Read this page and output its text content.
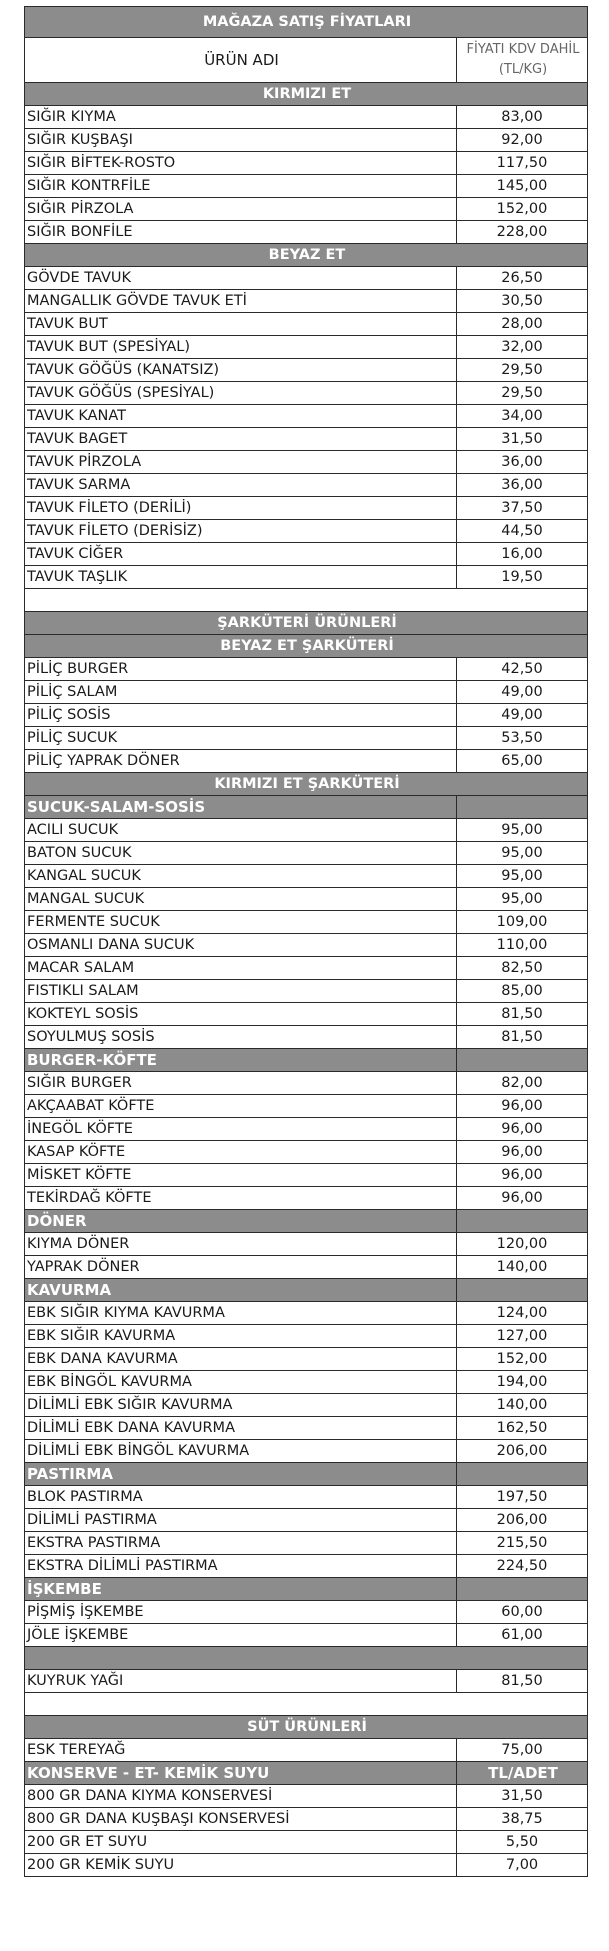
MAĞAZA SATIŞ FİYATLARI	
ÜRÜN ADI	FİYATI KDV DAHİL
(TL/KG)

KIRMIZI ET	
SIĞIR KIYMA	83,00
SIĞIR KUŞBAŞI	92,00
SIĞIR BİFTEK-ROSTO	117,50
SIĞIR KONTRFİLE	145,00
SIĞIR PİRZOLA	152,00
SIĞIR BONFİLE	228,00
BEYAZ ET	
GÖVDE TAVUK	26,50
MANGALLIK GÖVDE TAVUK ETİ	30,50
TAVUK BUT	28,00
TAVUK BUT (SPESİYAL)	32,00
TAVUK GÖĞÜS (KANATSIZ)	29,50
TAVUK GÖĞÜS (SPESİYAL)	29,50
TAVUK KANAT	34,00
TAVUK BAGET	31,50
TAVUK PİRZOLA	36,00
TAVUK SARMA	36,00
TAVUK FİLETO (DERİLİ)	37,50
TAVUK FİLETO (DERİSİZ)	44,50
TAVUK CİĞER	16,00
TAVUK TAŞLIK	19,50

ŞARKÜTERİ ÜRÜNLERİ	
BEYAZ ET ŞARKÜTERİ	
PİLİÇ BURGER	42,50
PİLİÇ SALAM	49,00
PİLİÇ SOSİS	49,00
PİLİÇ SUCUK	53,50
PİLİÇ YAPRAK DÖNER	65,00
KIRMIZI ET ŞARKÜTERİ	
SUCUK-SALAM-SOSİS	
ACILI SUCUK	95,00
BATON SUCUK	95,00
KANGAL SUCUK	95,00
MANGAL SUCUK	95,00
FERMENTE SUCUK	109,00
OSMANLI DANA SUCUK	110,00
MACAR SALAM	82,50
FISTIKLI SALAM	85,00
KOKTEYL SOSİS	81,50
SOYULMUŞ SOSİS	81,50
BURGER-KÖFTE	
SIĞIR BURGER	82,00
AKÇAABAT KÖFTE	96,00
İNEGÖL KÖFTE	96,00
KASAP KÖFTE	96,00
MİSKET KÖFTE	96,00
TEKİRDAĞ KÖFTE	96,00
DÖNER	
KIYMA DÖNER	120,00
YAPRAK DÖNER	140,00
KAVURMA	
EBK SIĞIR KIYMA KAVURMA	124,00
EBK SIĞIR KAVURMA	127,00
EBK DANA KAVURMA	152,00
EBK BİNGÖL KAVURMA	194,00
DİLİMLİ EBK SIĞIR KAVURMA	140,00
DİLİMLİ EBK DANA KAVURMA	162,50
DİLİMLİ EBK BİNGÖL KAVURMA	206,00
PASTIRMA	
BLOK PASTIRMA	197,50
DİLİMLİ PASTIRMA	206,00
EKSTRA PASTIRMA	215,50
EKSTRA DİLİMLİ PASTIRMA	224,50
İŞKEMBE	
PİŞMİŞ İŞKEMBE	60,00
JÖLE İŞKEMBE	61,00

KUYRUK YAĞI	81,50

SÜT ÜRÜNLERİ	
ESK TEREYAĞ	75,00
KONSERVE - ET- KEMİK SUYU	TL/ADET
800 GR DANA KIYMA KONSERVESİ	31,50
800 GR DANA KUŞBAŞI KONSERVESİ	38,75
200 GR ET SUYU	5,50
200 GR KEMİK SUYU	7,00
